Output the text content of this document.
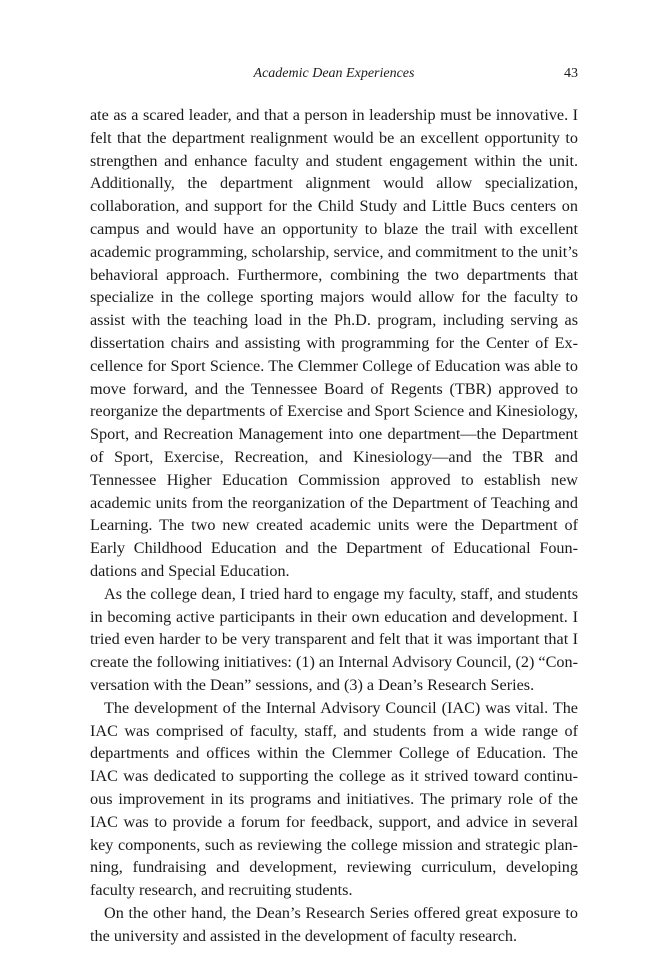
Academic Dean Experiences	43

ate as a scared leader, and that a person in leadership must be innovative. I felt that the department realignment would be an excellent opportunity to strengthen and enhance faculty and student engagement within the unit. Additionally, the department alignment would allow specialization, collaboration, and support for the Child Study and Little Bucs centers on campus and would have an opportunity to blaze the trail with excellent academic programming, scholarship, service, and commitment to the unit’s behavioral approach. Furthermore, combining the two departments that specialize in the college sporting majors would allow for the faculty to assist with the teaching load in the Ph.D. program, including serving as dissertation chairs and assisting with programming for the Center of Excellence for Sport Science. The Clemmer College of Education was able to move forward, and the Tennessee Board of Regents (TBR) approved to reorganize the departments of Exercise and Sport Science and Kinesiology, Sport, and Recreation Management into one department—the Department of Sport, Exercise, Recreation, and Kinesiology—and the TBR and Tennessee Higher Education Commission approved to establish new academic units from the reorganization of the Department of Teaching and Learning. The two new created academic units were the Department of Early Childhood Education and the Department of Educational Foundations and Special Education.

As the college dean, I tried hard to engage my faculty, staff, and students in becoming active participants in their own education and development. I tried even harder to be very transparent and felt that it was important that I create the following initiatives: (1) an Internal Advisory Council, (2) “Conversation with the Dean” sessions, and (3) a Dean’s Research Series.

The development of the Internal Advisory Council (IAC) was vital. The IAC was comprised of faculty, staff, and students from a wide range of departments and offices within the Clemmer College of Education. The IAC was dedicated to supporting the college as it strived toward continuous improvement in its programs and initiatives. The primary role of the IAC was to provide a forum for feedback, support, and advice in several key components, such as reviewing the college mission and strategic planning, fundraising and development, reviewing curriculum, developing faculty research, and recruiting students.

On the other hand, the Dean’s Research Series offered great exposure to the university and assisted in the development of faculty research.
